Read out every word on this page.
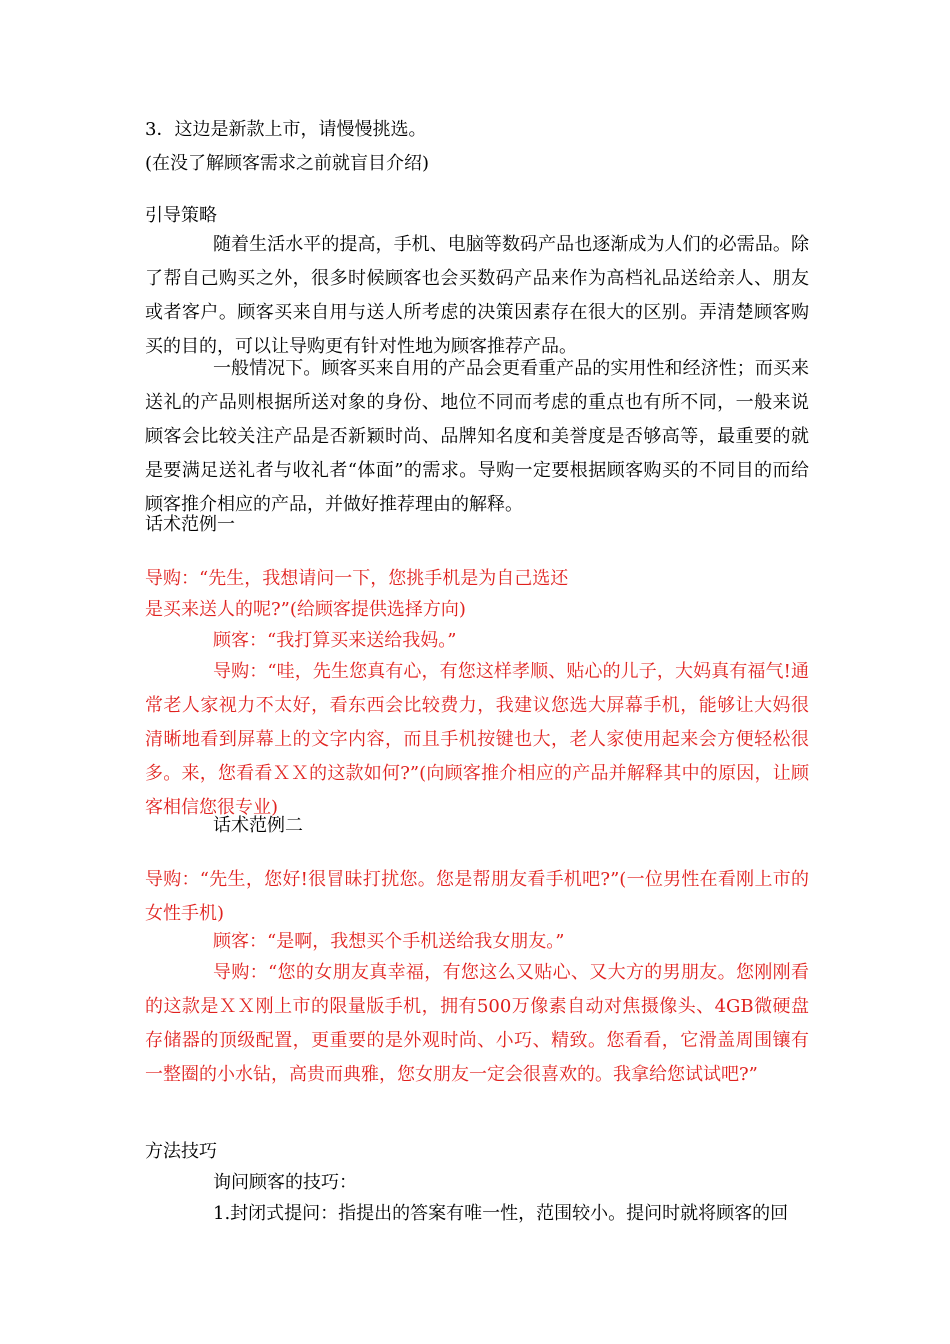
3．这边是新款上市，请慢慢挑选。

(在没了解顾客需求之前就盲目介绍)

引导策略

随着生活水平的提高，手机、电脑等数码产品也逐渐成为人们的必需品。除了帮自己购买之外，很多时候顾客也会买数码产品来作为高档礼品送给亲人、朋友或者客户。顾客买来自用与送人所考虑的决策因素存在很大的区别。弄清楚顾客购买的目的，可以让导购更有针对性地为顾客推荐产品。

一般情况下。顾客买来自用的产品会更看重产品的实用性和经济性；而买来送礼的产品则根据所送对象的身份、地位不同而考虑的重点也有所不同，一般来说顾客会比较关注产品是否新颖时尚、品牌知名度和美誉度是否够高等，最重要的就是要满足送礼者与收礼者“体面”的需求。导购一定要根据顾客购买的不同目的而给顾客推介相应的产品，并做好推荐理由的解释。

话术范例一

导购：“先生，我想请问一下，您挑手机是为自己选还

是买来送人的呢?”(给顾客提供选择方向)

顾客：“我打算买来送给我妈。”

导购：“哇，先生您真有心，有您这样孝顺、贴心的儿子，大妈真有福气!通常老人家视力不太好，看东西会比较费力，我建议您选大屏幕手机，能够让大妈很清晰地看到屏幕上的文字内容，而且手机按键也大，老人家使用起来会方便轻松很多。来，您看看ＸＸ的这款如何?”(向顾客推介相应的产品并解释其中的原因，让顾客相信您很专业)

话术范例二

导购：“先生，您好!很冒昧打扰您。您是帮朋友看手机吧?”(一位男性在看刚上市的女性手机)

顾客：“是啊，我想买个手机送给我女朋友。”

导购：“您的女朋友真幸福，有您这么又贴心、又大方的男朋友。您刚刚看的这款是ＸＸ刚上市的限量版手机，拥有500万像素自动对焦摄像头、4GB微硬盘存储器的顶级配置，更重要的是外观时尚、小巧、精致。您看看，它滑盖周围镶有一整圈的小水钻，高贵而典雅，您女朋友一定会很喜欢的。我拿给您试试吧?”

方法技巧

询问顾客的技巧：

1.封闭式提问：指提出的答案有唯一性，范围较小。提问时就将顾客的回
